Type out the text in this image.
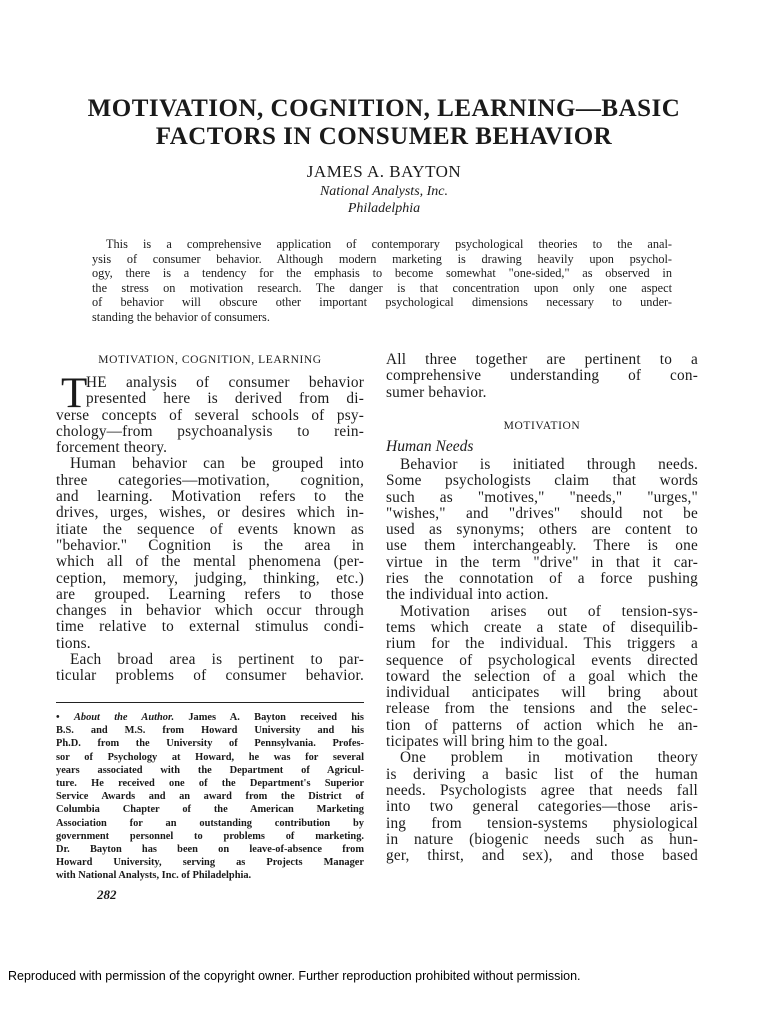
MOTIVATION, COGNITION, LEARNING—BASIC
FACTORS IN CONSUMER BEHAVIOR
JAMES A. BAYTON
National Analysts, Inc.
Philadelphia
This is a comprehensive application of contemporary psychological theories to the anal-
ysis of consumer behavior. Although modern marketing is drawing heavily upon psychol-
ogy, there is a tendency for the emphasis to become somewhat "one-sided," as observed in
the stress on motivation research. The danger is that concentration upon only one aspect
of behavior will obscure other important psychological dimensions necessary to under-
standing the behavior of consumers.
MOTIVATION, COGNITION, LEARNING
T
HE analysis of consumer behavior
presented here is derived from di-
verse concepts of several schools of psy-
chology—from psychoanalysis to rein-
forcement theory.
Human behavior can be grouped into
three categories—motivation, cognition,
and learning. Motivation refers to the
drives, urges, wishes, or desires which in-
itiate the sequence of events known as
"behavior." Cognition is the area in
which all of the mental phenomena (per-
ception, memory, judging, thinking, etc.)
are grouped. Learning refers to those
changes in behavior which occur through
time relative to external stimulus condi-
tions.
Each broad area is pertinent to par-
ticular problems of consumer behavior.
• About the Author. James A. Bayton received his
B.S. and M.S. from Howard University and his
Ph.D. from the University of Pennsylvania. Profes-
sor of Psychology at Howard, he was for several
years associated with the Department of Agricul-
ture. He received one of the Department's Superior
Service Awards and an award from the District of
Columbia Chapter of the American Marketing
Association for an outstanding contribution by
government personnel to problems of marketing.
Dr. Bayton has been on leave-of-absence from
Howard University, serving as Projects Manager
with National Analysts, Inc. of Philadelphia.
282
All three together are pertinent to a
comprehensive understanding of con-
sumer behavior.
MOTIVATION
Human Needs
Behavior is initiated through needs.
Some psychologists claim that words
such as "motives," "needs," "urges,"
"wishes," and "drives" should not be
used as synonyms; others are content to
use them interchangeably. There is one
virtue in the term "drive" in that it car-
ries the connotation of a force pushing
the individual into action.
Motivation arises out of tension-sys-
tems which create a state of disequilib-
rium for the individual. This triggers a
sequence of psychological events directed
toward the selection of a goal which the
individual anticipates will bring about
release from the tensions and the selec-
tion of patterns of action which he an-
ticipates will bring him to the goal.
One problem in motivation theory
is deriving a basic list of the human
needs. Psychologists agree that needs fall
into two general categories—those aris-
ing from tension-systems physiological
in nature (biogenic needs such as hun-
ger, thirst, and sex), and those based
Reproduced with permission of the copyright owner. Further reproduction prohibited without permission.
